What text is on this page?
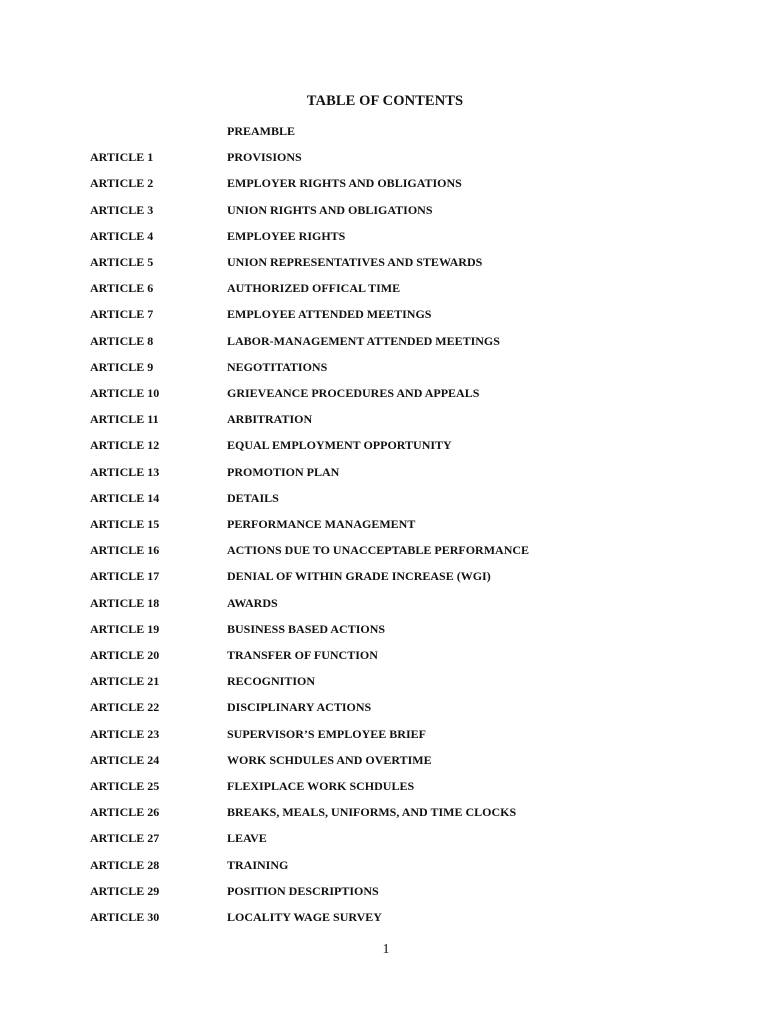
TABLE OF CONTENTS
PREAMBLE
ARTICLE 1	PROVISIONS
ARTICLE 2	EMPLOYER RIGHTS AND OBLIGATIONS
ARTICLE 3	UNION RIGHTS AND OBLIGATIONS
ARTICLE 4	EMPLOYEE RIGHTS
ARTICLE 5	UNION REPRESENTATIVES AND STEWARDS
ARTICLE 6	AUTHORIZED OFFICAL TIME
ARTICLE 7	EMPLOYEE ATTENDED MEETINGS
ARTICLE 8	LABOR-MANAGEMENT ATTENDED MEETINGS
ARTICLE 9	NEGOTITATIONS
ARTICLE 10	GRIEVEANCE PROCEDURES AND APPEALS
ARTICLE 11	ARBITRATION
ARTICLE 12	EQUAL EMPLOYMENT OPPORTUNITY
ARTICLE 13	PROMOTION PLAN
ARTICLE 14	DETAILS
ARTICLE 15	PERFORMANCE MANAGEMENT
ARTICLE 16	ACTIONS DUE TO UNACCEPTABLE PERFORMANCE
ARTICLE 17	DENIAL OF WITHIN GRADE INCREASE (WGI)
ARTICLE 18	AWARDS
ARTICLE 19	BUSINESS BASED ACTIONS
ARTICLE 20	TRANSFER OF FUNCTION
ARTICLE 21	RECOGNITION
ARTICLE 22	DISCIPLINARY ACTIONS
ARTICLE 23	SUPERVISOR’S EMPLOYEE BRIEF
ARTICLE 24	WORK SCHDULES AND OVERTIME
ARTICLE 25	FLEXIPLACE WORK SCHDULES
ARTICLE 26	BREAKS, MEALS, UNIFORMS, AND TIME CLOCKS
ARTICLE 27	LEAVE
ARTICLE 28	TRAINING
ARTICLE 29	POSITION DESCRIPTIONS
ARTICLE 30	LOCALITY WAGE SURVEY
1
